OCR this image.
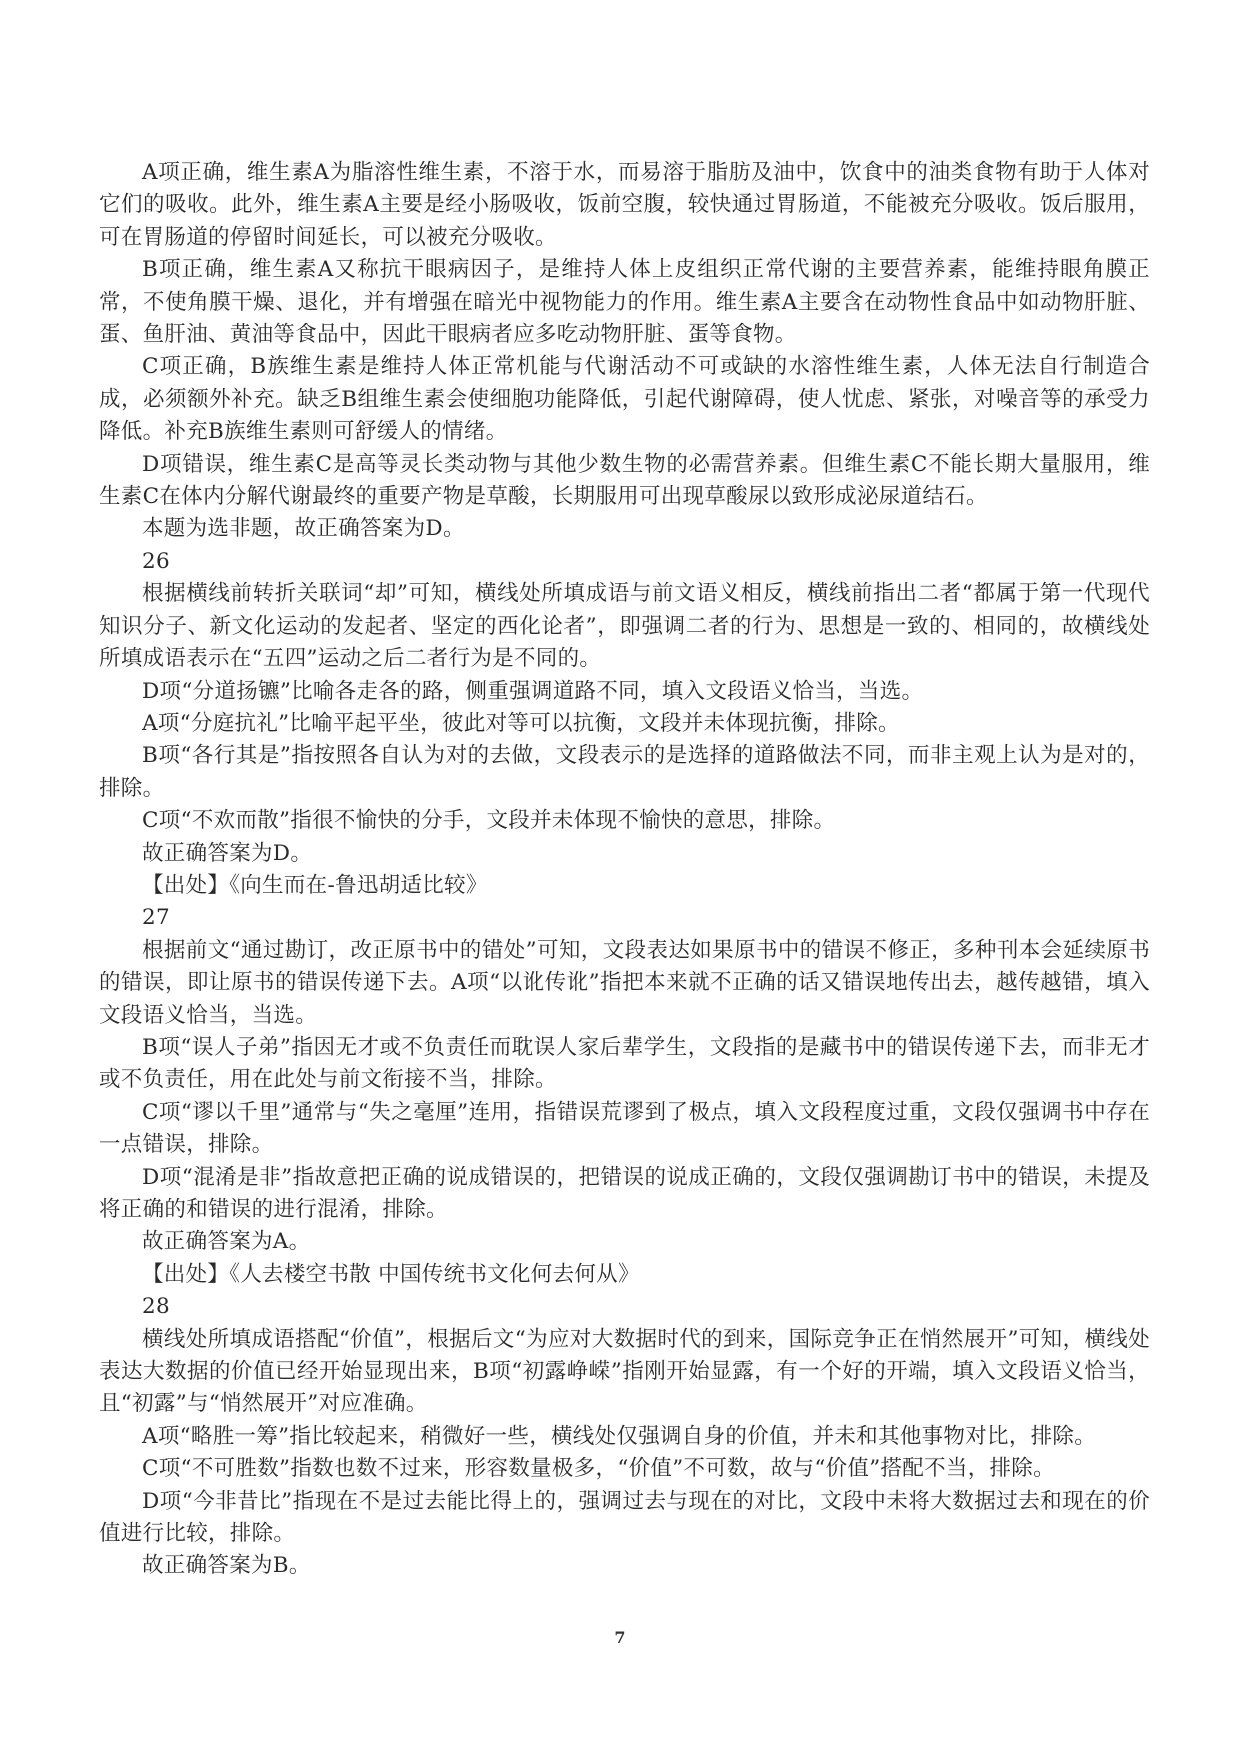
A项正确，维生素A为脂溶性维生素，不溶于水，而易溶于脂肪及油中，饮食中的油类食物有助于人体对它们的吸收。此外，维生素A主要是经小肠吸收，饭前空腹，较快通过胃肠道，不能被充分吸收。饭后服用，可在胃肠道的停留时间延长，可以被充分吸收。

B项正确，维生素A又称抗干眼病因子，是维持人体上皮组织正常代谢的主要营养素，能维持眼角膜正常，不使角膜干燥、退化，并有增强在暗光中视物能力的作用。维生素A主要含在动物性食品中如动物肝脏、蛋、鱼肝油、黄油等食品中，因此干眼病者应多吃动物肝脏、蛋等食物。

C项正确，B族维生素是维持人体正常机能与代谢活动不可或缺的水溶性维生素，人体无法自行制造合成，必须额外补充。缺乏B组维生素会使细胞功能降低，引起代谢障碍，使人忧虑、紧张，对噪音等的承受力降低。补充B族维生素则可舒缓人的情绪。

D项错误，维生素C是高等灵长类动物与其他少数生物的必需营养素。但维生素C不能长期大量服用，维生素C在体内分解代谢最终的重要产物是草酸，长期服用可出现草酸尿以致形成泌尿道结石。

本题为选非题，故正确答案为D。

26

根据横线前转折关联词“却”可知，横线处所填成语与前文语义相反，横线前指出二者“都属于第一代现代知识分子、新文化运动的发起者、坚定的西化论者”，即强调二者的行为、思想是一致的、相同的，故横线处所填成语表示在“五四”运动之后二者行为是不同的。

D项“分道扬镳”比喻各走各的路，侧重强调道路不同，填入文段语义恰当，当选。

A项“分庭抗礼”比喻平起平坐，彼此对等可以抗衡，文段并未体现抗衡，排除。

B项“各行其是”指按照各自认为对的去做，文段表示的是选择的道路做法不同，而非主观上认为是对的，排除。

C项“不欢而散”指很不愉快的分手，文段并未体现不愉快的意思，排除。

故正确答案为D。

【出处】《向生而在-鲁迅胡适比较》

27

根据前文“通过勘订，改正原书中的错处”可知，文段表达如果原书中的错误不修正，多种刊本会延续原书的错误，即让原书的错误传递下去。A项“以讹传讹”指把本来就不正确的话又错误地传出去，越传越错，填入文段语义恰当，当选。

B项“误人子弟”指因无才或不负责任而耽误人家后辈学生，文段指的是藏书中的错误传递下去，而非无才或不负责任，用在此处与前文衔接不当，排除。

C项“谬以千里”通常与“失之毫厘”连用，指错误荒谬到了极点，填入文段程度过重，文段仅强调书中存在一点错误，排除。

D项“混淆是非”指故意把正确的说成错误的，把错误的说成正确的，文段仅强调勘订书中的错误，未提及将正确的和错误的进行混淆，排除。

故正确答案为A。

【出处】《人去楼空书散 中国传统书文化何去何从》

28

横线处所填成语搭配“价值”，根据后文“为应对大数据时代的到来，国际竞争正在悄然展开”可知，横线处表达大数据的价值已经开始显现出来，B项“初露峥嵘”指刚开始显露，有一个好的开端，填入文段语义恰当，且“初露”与“悄然展开”对应准确。

A项“略胜一筹”指比较起来，稍微好一些，横线处仅强调自身的价值，并未和其他事物对比，排除。

C项“不可胜数”指数也数不过来，形容数量极多，“价值”不可数，故与“价值”搭配不当，排除。

D项“今非昔比”指现在不是过去能比得上的，强调过去与现在的对比，文段中未将大数据过去和现在的价值进行比较，排除。

故正确答案为B。

7
